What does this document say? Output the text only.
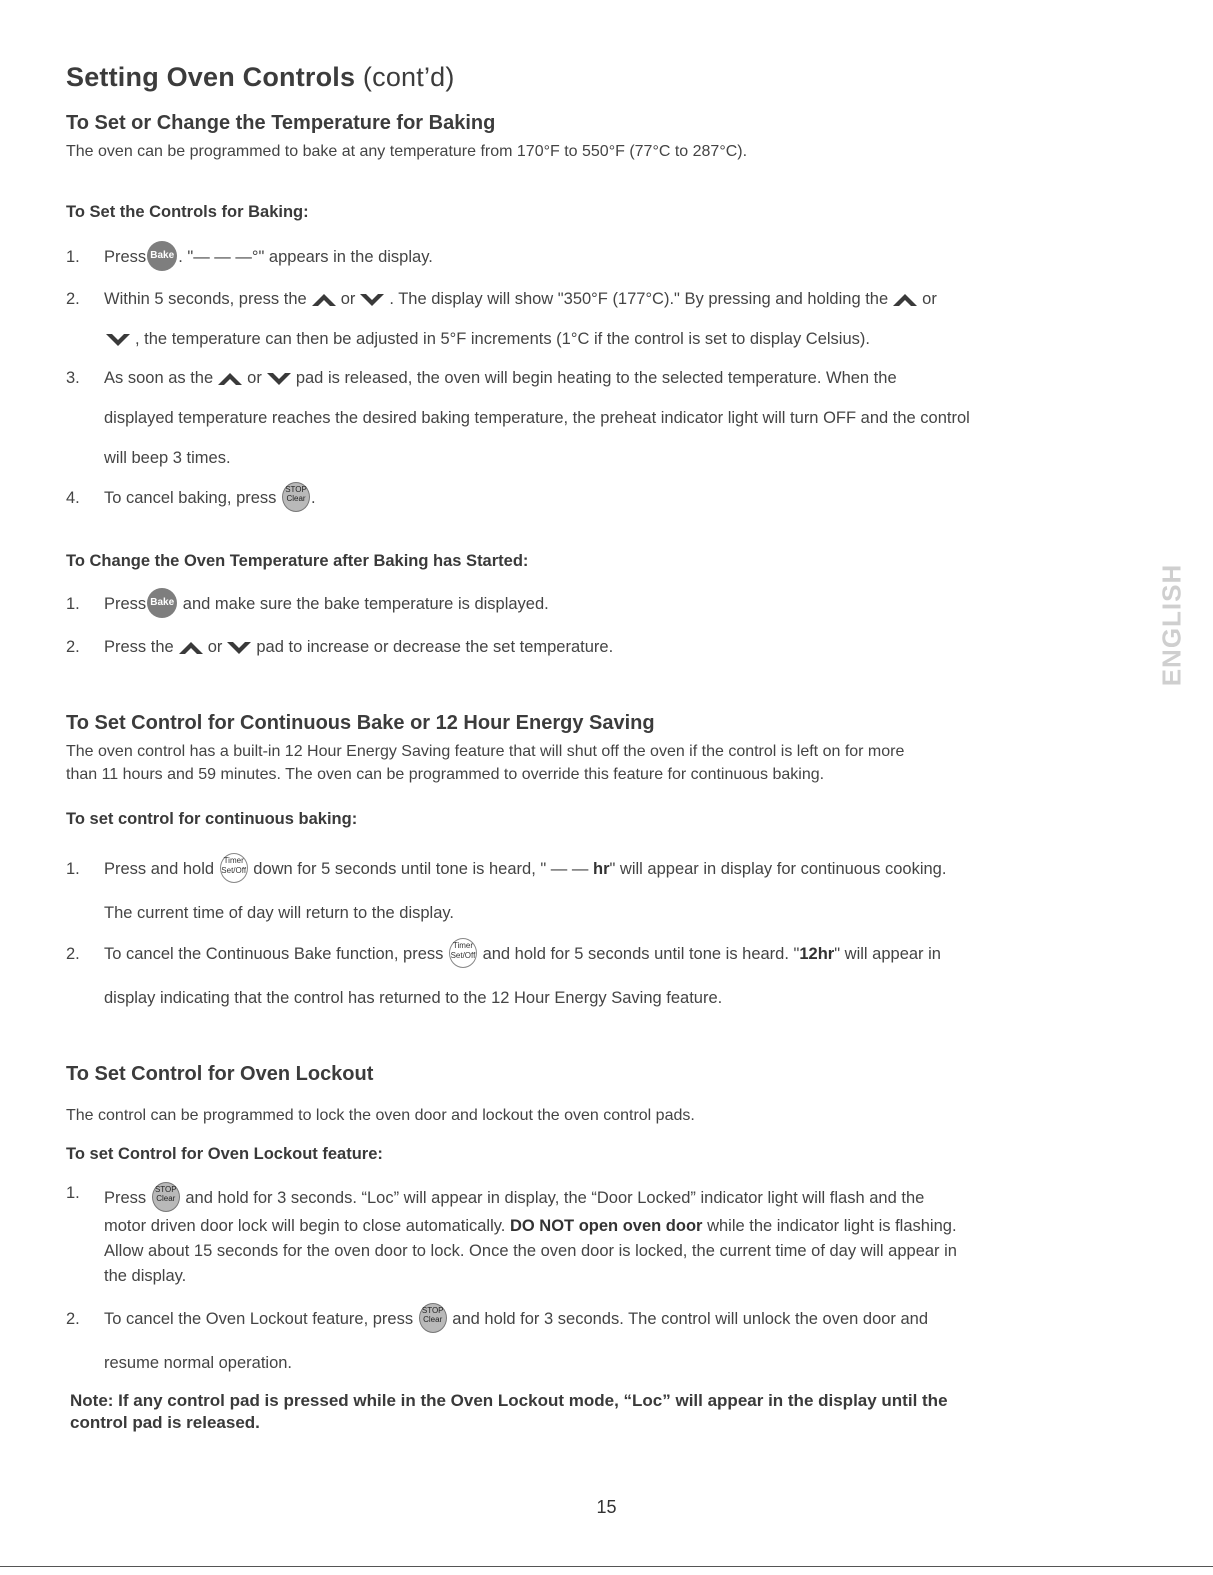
Setting Oven Controls (cont’d)
To Set or Change the Temperature for Baking

The oven can be programmed to bake at any temperature from 170°F to 550°F (77°C to 287°C).

To Set the Controls for Baking:
1. Press Bake . "— — —°" appears in the display.
2. Within 5 seconds, press the or . The display will show "350°F (177°C)." By pressing and holding the or
, the temperature can then be adjusted in 5°F increments (1°C if the control is set to display Celsius).
3. As soon as the or pad is released, the oven will begin heating to the selected temperature. When the
displayed temperature reaches the desired baking temperature, the preheat indicator light will turn OFF and the control
will beep 3 times.
4. To cancel baking, press STOP
Clear .
To Change the Oven Temperature after Baking has Started:
1. Press Bake and make sure the bake temperature is displayed.
2. Press the or pad to increase or decrease the set temperature.	ENGLISH
To Set Control for Continuous Bake or 12 Hour Energy Saving

The oven control has a built-in 12 Hour Energy Saving feature that will shut off the oven if the control is left on for more
than 11 hours and 59 minutes. The oven can be programmed to override this feature for continuous baking.

To set control for continuous baking:
1. Press and hold Timer
Set/Off down for 5 seconds until tone is heard, " — — hr" will appear in display for continuous cooking.
The current time of day will return to the display.
2. To cancel the Continuous Bake function, press Timer
Set/Off and hold for 5 seconds until tone is heard. "12hr" will appear in
display indicating that the control has returned to the 12 Hour Energy Saving feature.
To Set Control for Oven Lockout

The control can be programmed to lock the oven door and lockout the oven control pads.

To set Control for Oven Lockout feature:
1. Press STOP
Clear and hold for 3 seconds. “Loc” will appear in display, the “Door Locked” indicator light will flash and the
motor driven door lock will begin to close automatically. DO NOT open oven door while the indicator light is flashing.
Allow about 15 seconds for the oven door to lock. Once the oven door is locked, the current time of day will appear in
the display.
2. To cancel the Oven Lockout feature, press STOP
Clear and hold for 3 seconds. The control will unlock the oven door and
resume normal operation.

Note: If any control pad is pressed while in the Oven Lockout mode, “Loc” will appear in the display until the
control pad is released.

15
